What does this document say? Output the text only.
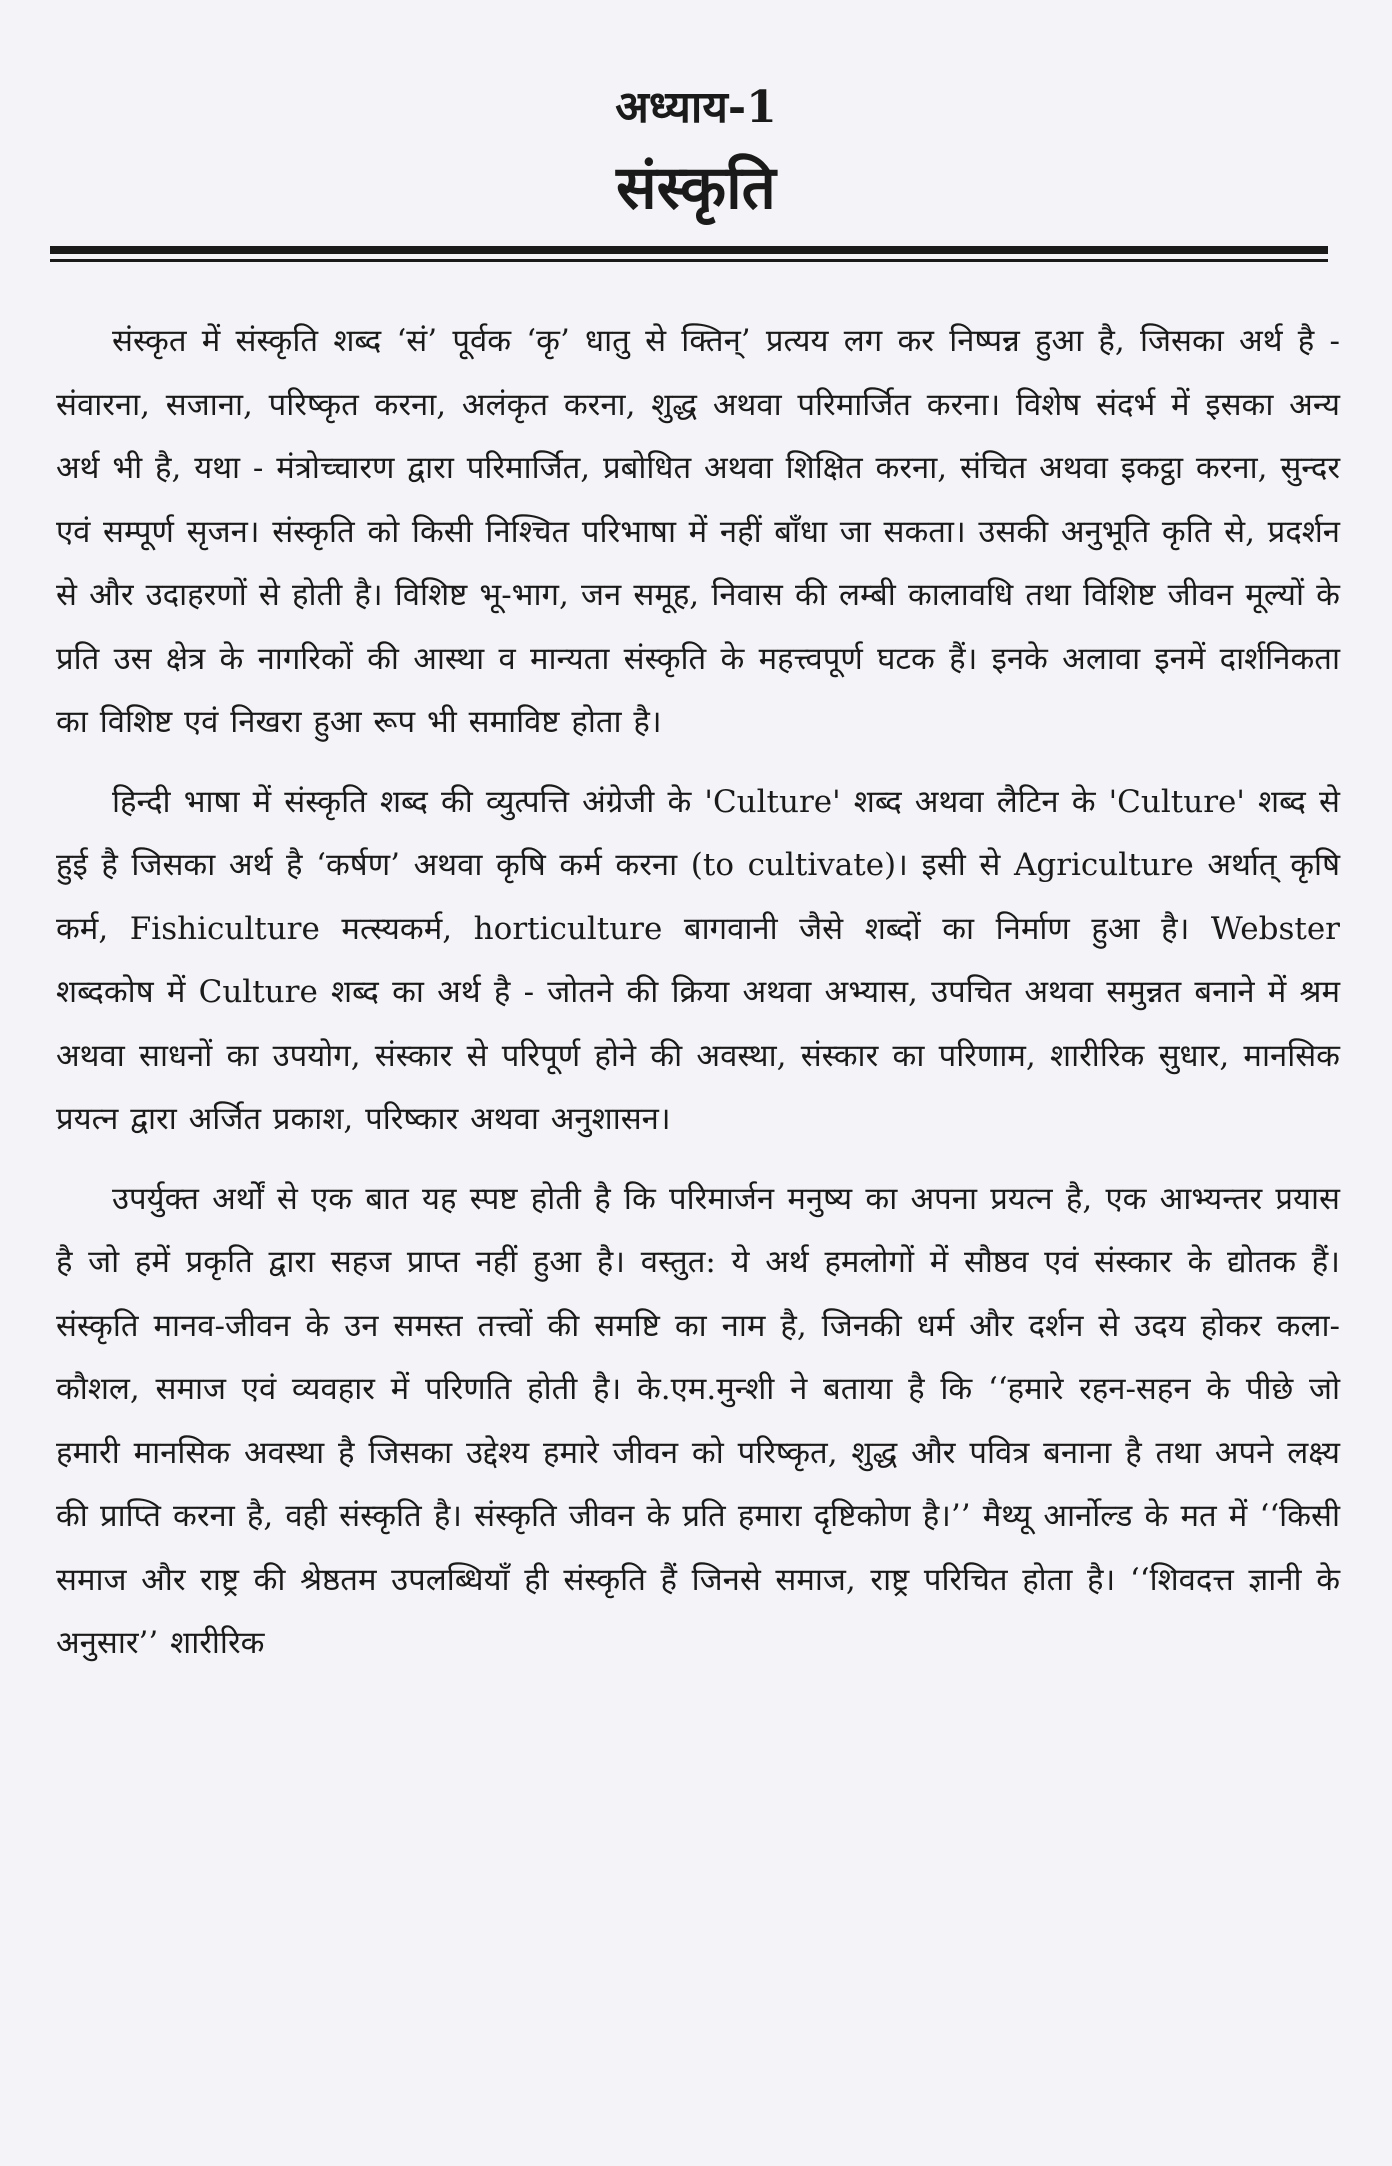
अध्याय-1
संस्कृति

संस्कृत में संस्कृति शब्द ‘सं’ पूर्वक ‘कृ’ धातु से क्तिन्’ प्रत्यय लग कर निष्पन्न हुआ है, जिसका अर्थ है - संवारना, सजाना, परिष्कृत करना, अलंकृत करना, शुद्ध अथवा परिमार्जित करना। विशेष संदर्भ में इसका अन्य अर्थ भी है, यथा - मंत्रोच्चारण द्वारा परिमार्जित, प्रबोधित अथवा शिक्षित करना, संचित अथवा इकट्ठा करना, सुन्दर एवं सम्पूर्ण सृजन। संस्कृति को किसी निश्चित परिभाषा में नहीं बाँधा जा सकता। उसकी अनुभूति कृति से, प्रदर्शन से और उदाहरणों से होती है। विशिष्ट भू-भाग, जन समूह, निवास की लम्बी कालावधि तथा विशिष्ट जीवन मूल्यों के प्रति उस क्षेत्र के नागरिकों की आस्था व मान्यता संस्कृति के महत्त्वपूर्ण घटक हैं। इनके अलावा इनमें दार्शनिकता का विशिष्ट एवं निखरा हुआ रूप भी समाविष्ट होता है।

हिन्दी भाषा में संस्कृति शब्द की व्युत्पत्ति अंग्रेजी के 'Culture' शब्द अथवा लैटिन के 'Culture' शब्द से हुई है जिसका अर्थ है ‘कर्षण’ अथवा कृषि कर्म करना (to cultivate)। इसी से Agriculture अर्थात् कृषि कर्म, Fishiculture मत्स्यकर्म, horticulture बागवानी जैसे शब्दों का निर्माण हुआ है। Webster शब्दकोष में Culture शब्द का अर्थ है - जोतने की क्रिया अथवा अभ्यास, उपचित अथवा समुन्नत बनाने में श्रम अथवा साधनों का उपयोग, संस्कार से परिपूर्ण होने की अवस्था, संस्कार का परिणाम, शारीरिक सुधार, मानसिक प्रयत्न द्वारा अर्जित प्रकाश, परिष्कार अथवा अनुशासन।

उपर्युक्त अर्थों से एक बात यह स्पष्ट होती है कि परिमार्जन मनुष्य का अपना प्रयत्न है, एक आभ्यन्तर प्रयास है जो हमें प्रकृति द्वारा सहज प्राप्त नहीं हुआ है। वस्तुत: ये अर्थ हमलोगों में सौष्ठव एवं संस्कार के द्योतक हैं। संस्कृति मानव-जीवन के उन समस्त तत्त्वों की समष्टि का नाम है, जिनकी धर्म और दर्शन से उदय होकर कला-कौशल, समाज एवं व्यवहार में परिणति होती है। के.एम.मुन्शी ने बताया है कि ‘‘हमारे रहन-सहन के पीछे जो हमारी मानसिक अवस्था है जिसका उद्देश्य हमारे जीवन को परिष्कृत, शुद्ध और पवित्र बनाना है तथा अपने लक्ष्य की प्राप्ति करना है, वही संस्कृति है। संस्कृति जीवन के प्रति हमारा दृष्टिकोण है।’’ मैथ्यू आर्नोल्ड के मत में ‘‘किसी समाज और राष्ट्र की श्रेष्ठतम उपलब्धियाँ ही संस्कृति हैं जिनसे समाज, राष्ट्र परिचित होता है। ‘‘शिवदत्त ज्ञानी के अनुसार’’ शारीरिक
